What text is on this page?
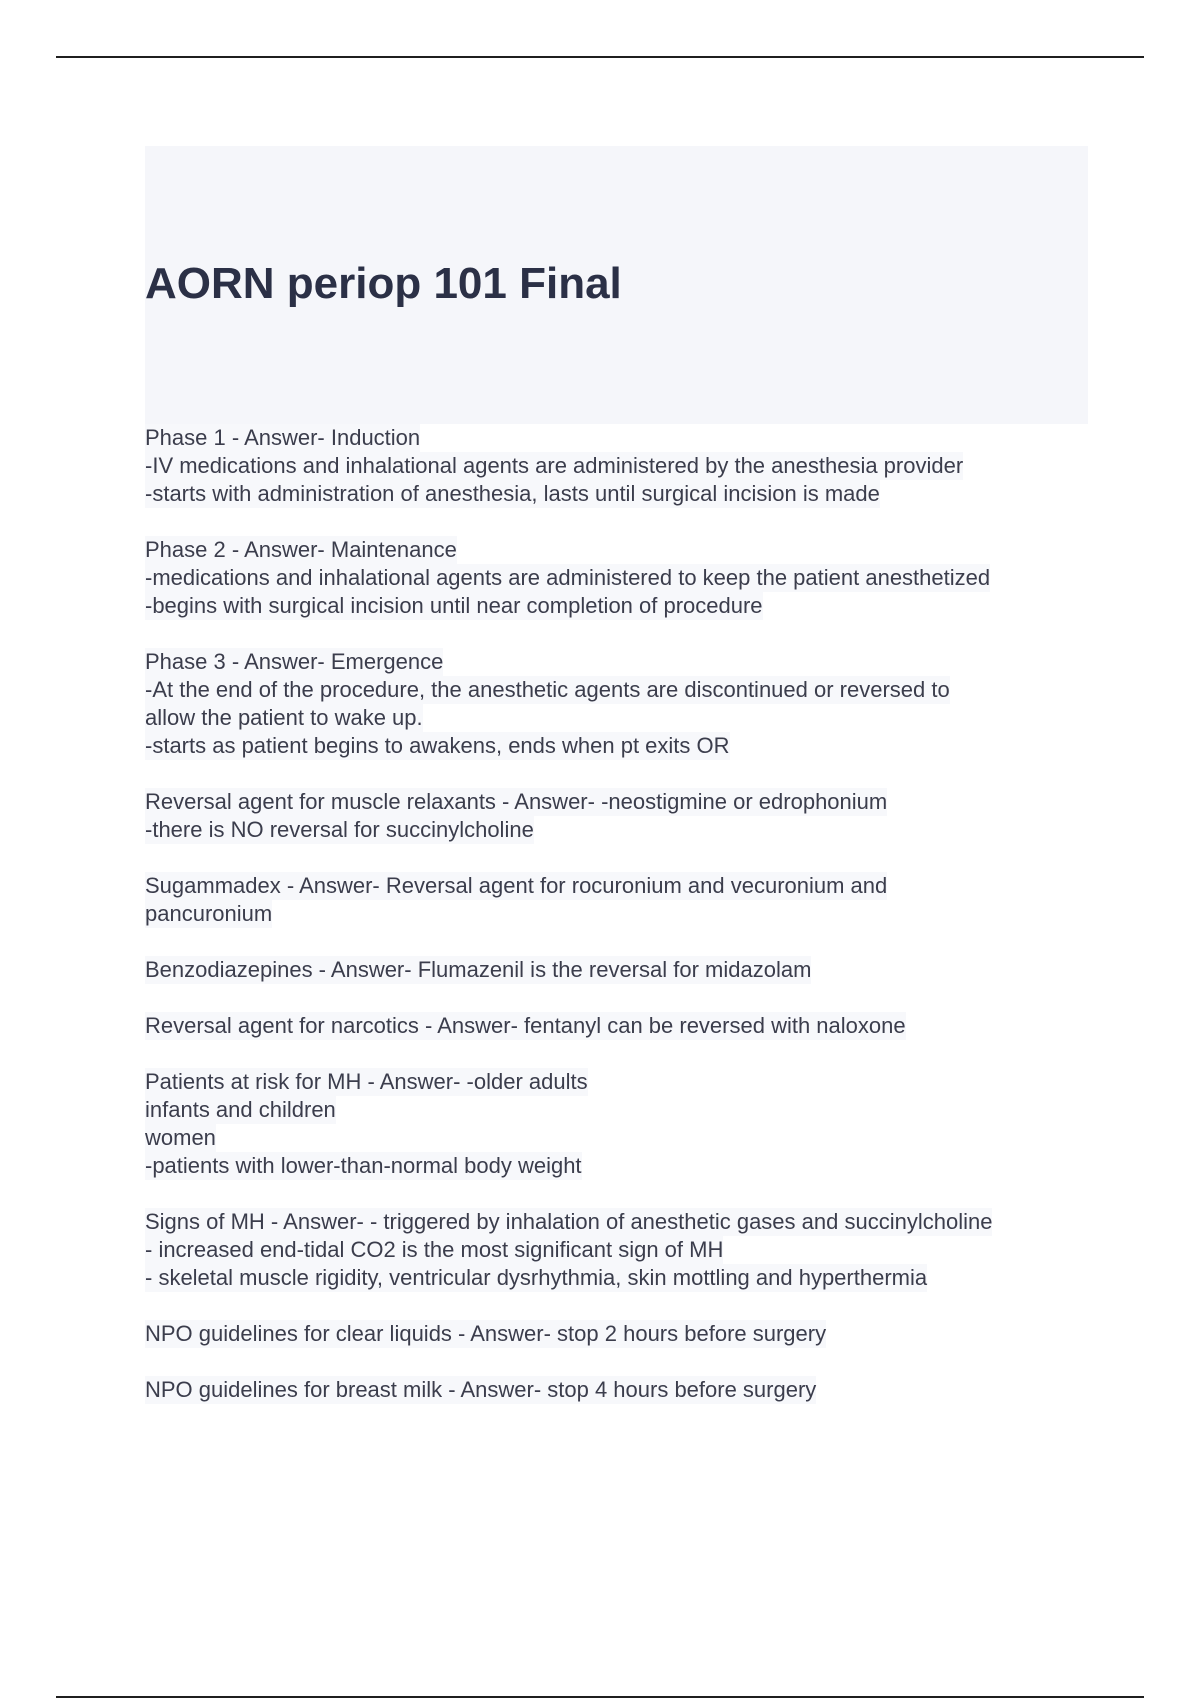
AORN periop 101 Final
Phase 1 - Answer- Induction
-IV medications and inhalational agents are administered by the anesthesia provider
-starts with administration of anesthesia, lasts until surgical incision is made
Phase 2 - Answer- Maintenance
-medications and inhalational agents are administered to keep the patient anesthetized
-begins with surgical incision until near completion of procedure
Phase 3 - Answer- Emergence
-At the end of the procedure, the anesthetic agents are discontinued or reversed to
allow the patient to wake up.
-starts as patient begins to awakens, ends when pt exits OR
Reversal agent for muscle relaxants - Answer- -neostigmine or edrophonium
-there is NO reversal for succinylcholine
Sugammadex - Answer- Reversal agent for rocuronium and vecuronium and
pancuronium
Benzodiazepines - Answer- Flumazenil is the reversal for midazolam
Reversal agent for narcotics - Answer- fentanyl can be reversed with naloxone
Patients at risk for MH - Answer- -older adults
infants and children
women
-patients with lower-than-normal body weight
Signs of MH - Answer- - triggered by inhalation of anesthetic gases and succinylcholine
- increased end-tidal CO2 is the most significant sign of MH
- skeletal muscle rigidity, ventricular dysrhythmia, skin mottling and hyperthermia
NPO guidelines for clear liquids - Answer- stop 2 hours before surgery
NPO guidelines for breast milk - Answer- stop 4 hours before surgery
